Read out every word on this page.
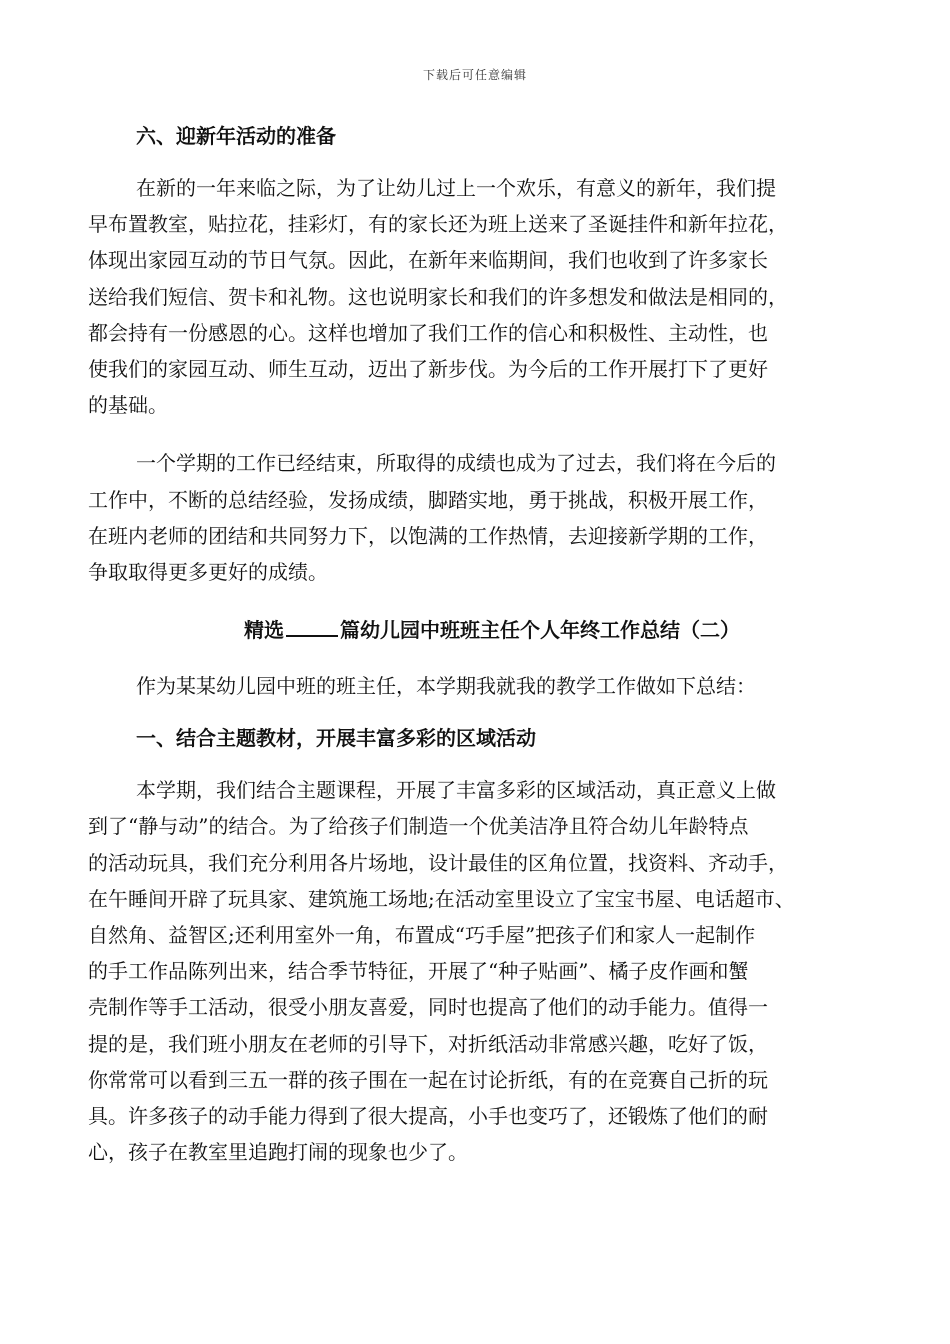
下载后可任意编辑
六、迎新年活动的准备
在新的一年来临之际，为了让幼儿过上一个欢乐，有意义的新年，我们提
早布置教室，贴拉花，挂彩灯，有的家长还为班上送来了圣诞挂件和新年拉花，
体现出家园互动的节日气氛。因此，在新年来临期间，我们也收到了许多家长
送给我们短信、贺卡和礼物。这也说明家长和我们的许多想发和做法是相同的，
都会持有一份感恩的心。这样也增加了我们工作的信心和积极性、主动性，也
使我们的家园互动、师生互动，迈出了新步伐。为今后的工作开展打下了更好
的基础。
一个学期的工作已经结束，所取得的成绩也成为了过去，我们将在今后的
工作中，不断的总结经验，发扬成绩，脚踏实地，勇于挑战，积极开展工作，
在班内老师的团结和共同努力下，以饱满的工作热情，去迎接新学期的工作，
争取取得更多更好的成绩。
精选	篇幼儿园中班班主任个人年终工作总结（二）
作为某某幼儿园中班的班主任，本学期我就我的教学工作做如下总结：
一、结合主题教材，开展丰富多彩的区域活动
本学期，我们结合主题课程，开展了丰富多彩的区域活动，真正意义上做
到了“静与动”的结合。为了给孩子们制造一个优美洁净且符合幼儿年龄特点
的活动玩具，我们充分利用各片场地，设计最佳的区角位置，找资料、齐动手，
在午睡间开辟了玩具家、建筑施工场地;在活动室里设立了宝宝书屋、电话超市、
自然角、益智区;还利用室外一角，布置成“巧手屋”把孩子们和家人一起制作
的手工作品陈列出来，结合季节特征，开展了“种子贴画”、橘子皮作画和蟹
壳制作等手工活动，很受小朋友喜爱，同时也提高了他们的动手能力。值得一
提的是，我们班小朋友在老师的引导下，对折纸活动非常感兴趣，吃好了饭，
你常常可以看到三五一群的孩子围在一起在讨论折纸，有的在竞赛自己折的玩
具。许多孩子的动手能力得到了很大提高，小手也变巧了，还锻炼了他们的耐
心，孩子在教室里追跑打闹的现象也少了。
